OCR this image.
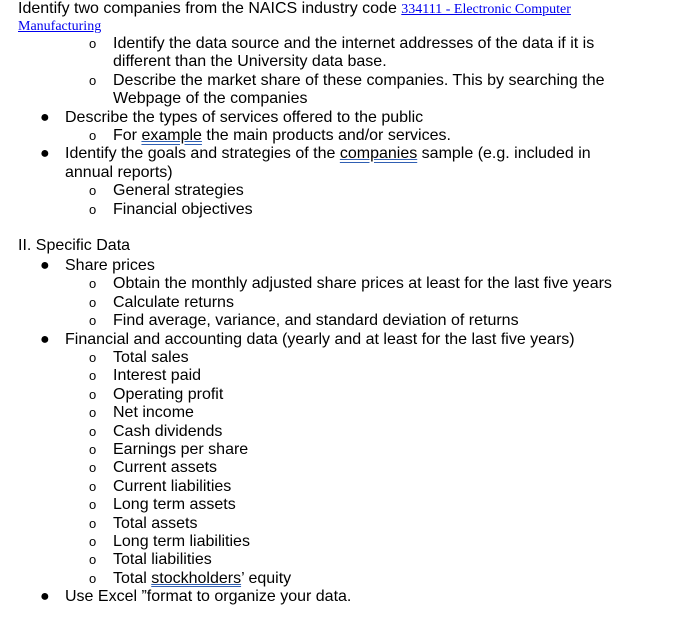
Identify two companies from the NAICS industry code 334111 - Electronic Computer
Manufacturing
o Identify the data source and the internet addresses of the data if it is
different than the University data base.
o Describe the market share of these companies. This by searching the
Webpage of the companies
● Describe the types of services offered to the public
o For example the main products and/or services.
● Identify the goals and strategies of the companies sample (e.g. included in
annual reports)
o General strategies
o Financial objectives
II. Specific Data
● Share prices
o Obtain the monthly adjusted share prices at least for the last five years
o Calculate returns
o Find average, variance, and standard deviation of returns
● Financial and accounting data (yearly and at least for the last five years)
o Total sales
o Interest paid
o Operating profit
o Net income
o Cash dividends
o Earnings per share
o Current assets
o Current liabilities
o Long term assets
o Total assets
o Long term liabilities
o Total liabilities
o Total stockholders’ equity
● Use Excel ”format to organize your data.
